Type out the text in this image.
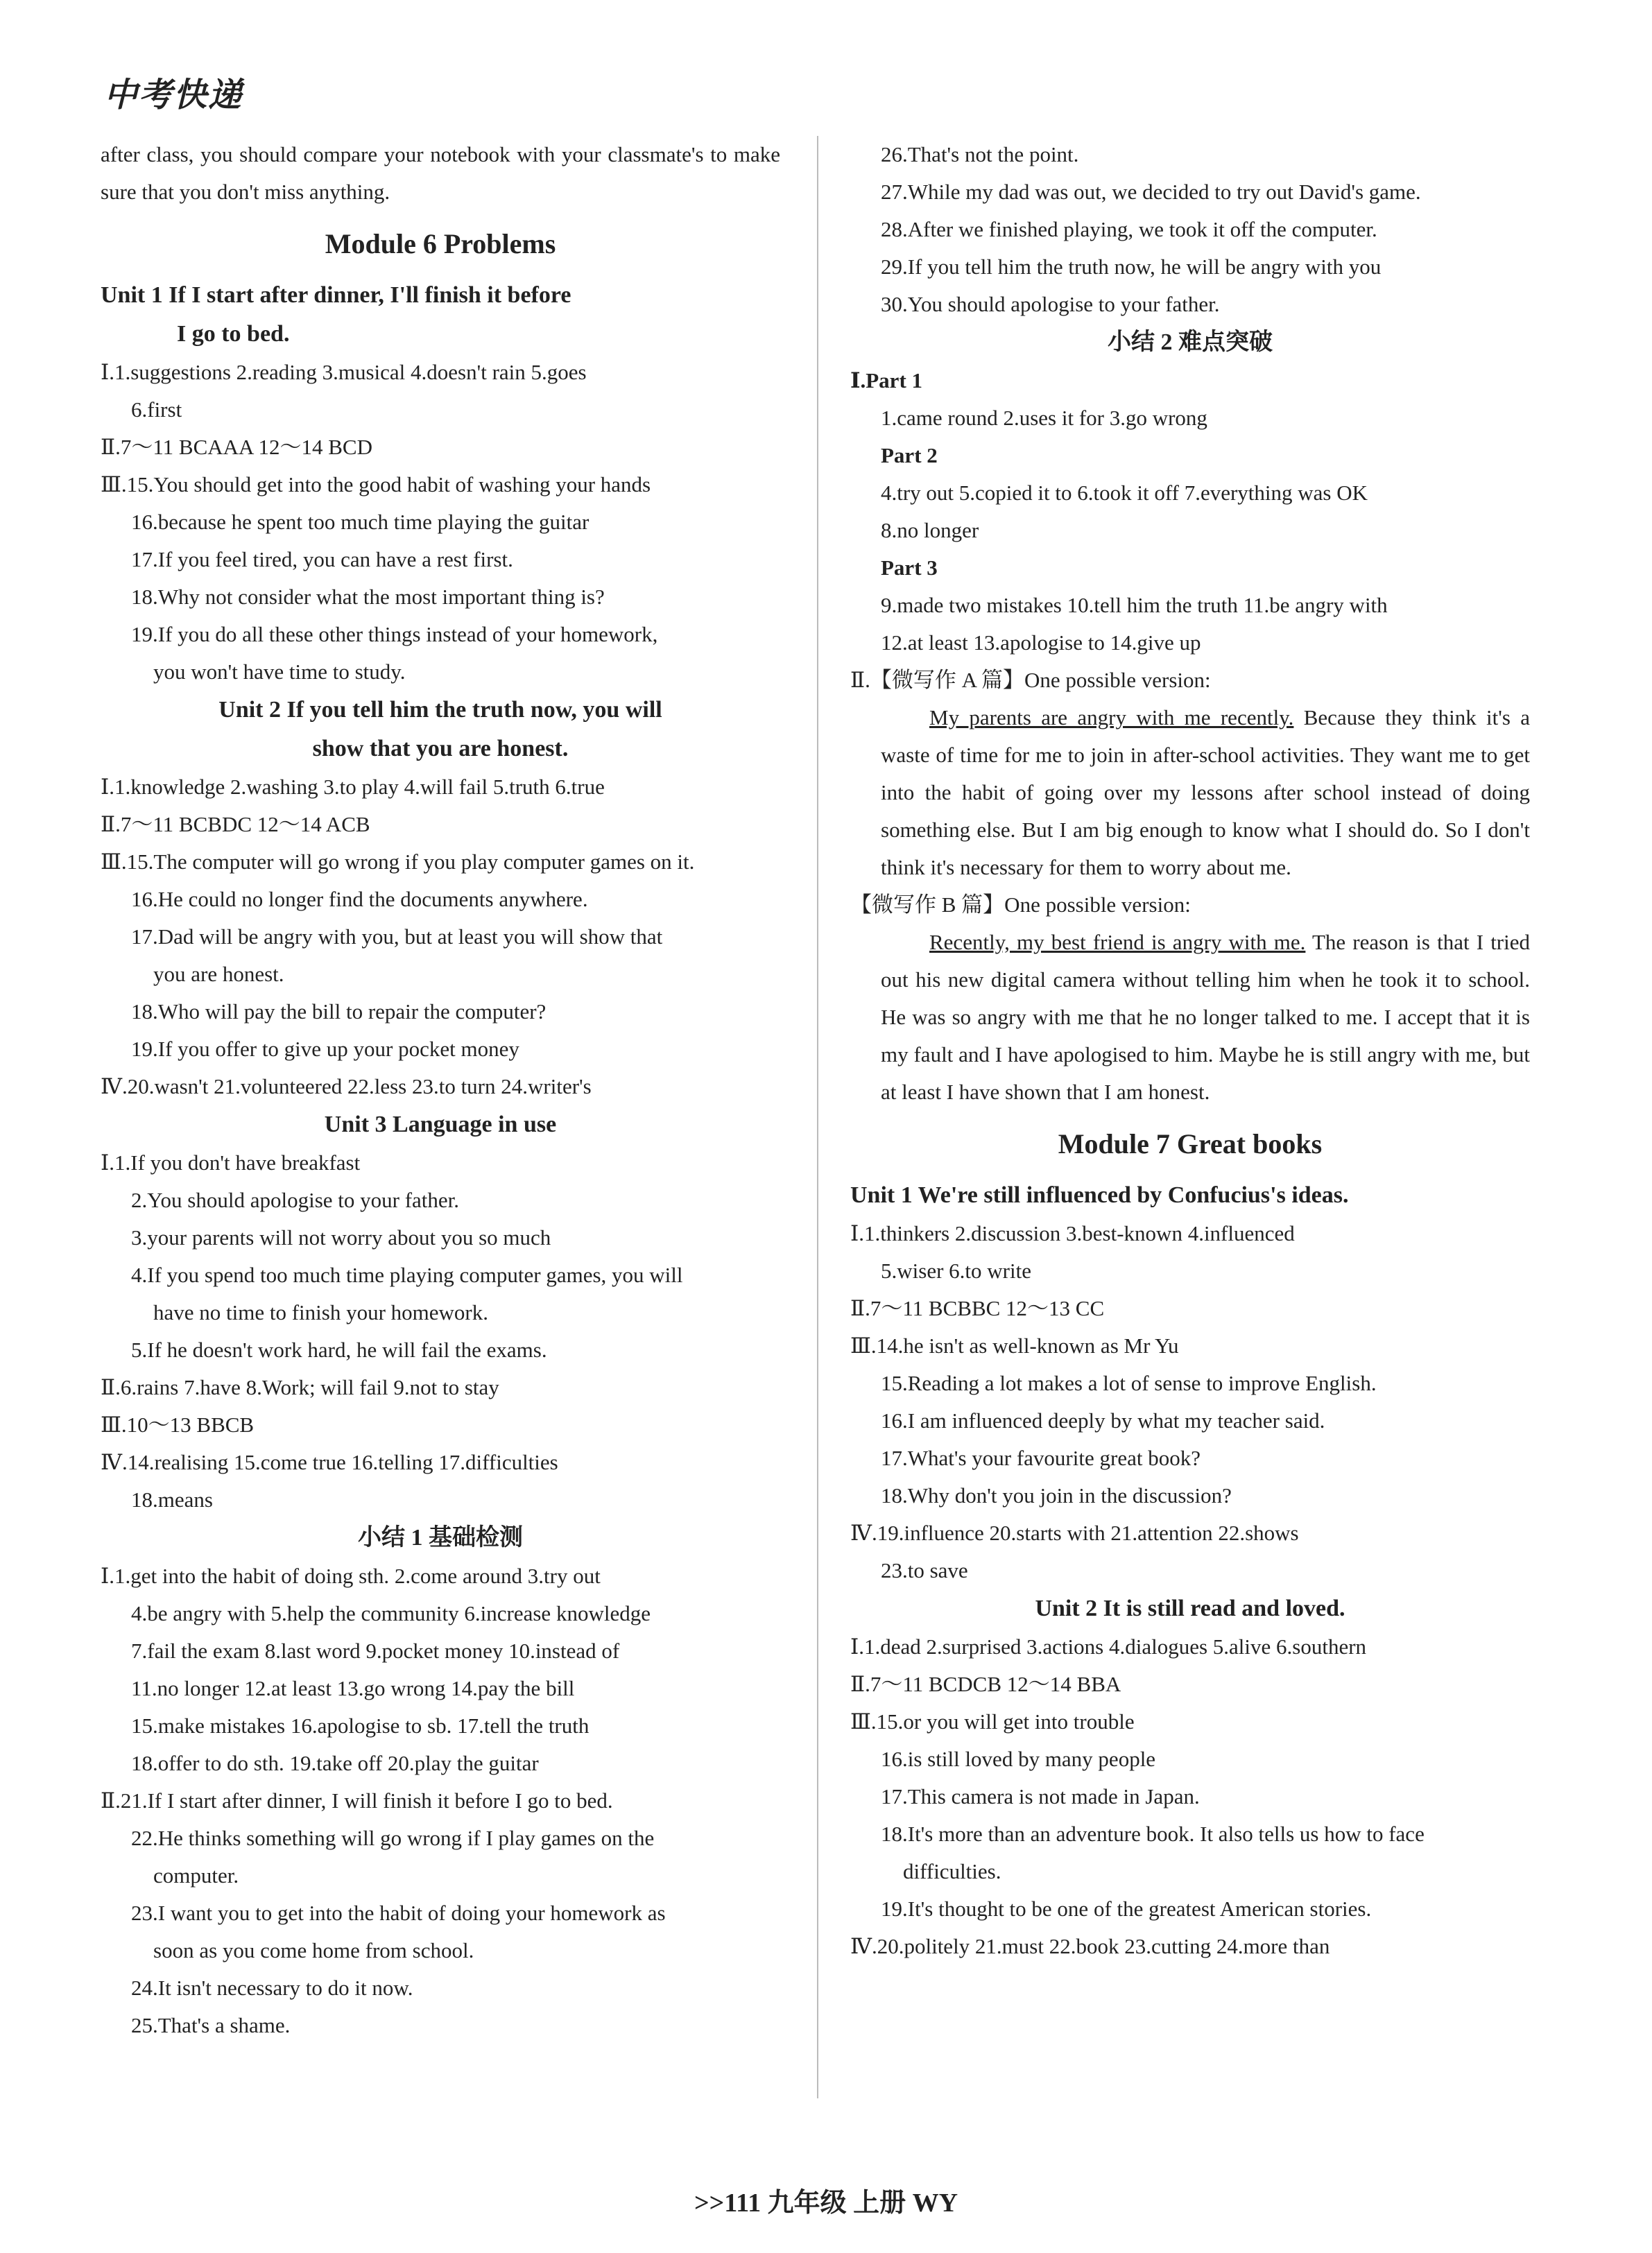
中考快递
after class, you should compare your notebook with your classmate's to make sure that you don't miss anything.
Module 6 Problems
Unit 1 If I start after dinner, I'll finish it before
I go to bed.
Ⅰ.1.suggestions 2.reading 3.musical 4.doesn't rain 5.goes
6.first
Ⅱ.7～11 BCAAA 12～14 BCD
Ⅲ.15.You should get into the good habit of washing your hands
16.because he spent too much time playing the guitar
17.If you feel tired, you can have a rest first.
18.Why not consider what the most important thing is?
19.If you do all these other things instead of your homework,
you won't have time to study.
Unit 2 If you tell him the truth now, you will
show that you are honest.
Ⅰ.1.knowledge 2.washing 3.to play 4.will fail 5.truth 6.true
Ⅱ.7～11 BCBDC 12～14 ACB
Ⅲ.15.The computer will go wrong if you play computer games on it.
16.He could no longer find the documents anywhere.
17.Dad will be angry with you, but at least you will show that
you are honest.
18.Who will pay the bill to repair the computer?
19.If you offer to give up your pocket money
Ⅳ.20.wasn't 21.volunteered 22.less 23.to turn 24.writer's
Unit 3 Language in use
Ⅰ.1.If you don't have breakfast
2.You should apologise to your father.
3.your parents will not worry about you so much
4.If you spend too much time playing computer games, you will
have no time to finish your homework.
5.If he doesn't work hard, he will fail the exams.
Ⅱ.6.rains 7.have 8.Work; will fail 9.not to stay
Ⅲ.10～13 BBCB
Ⅳ.14.realising 15.come true 16.telling 17.difficulties
18.means
小结 1 基础检测
Ⅰ.1.get into the habit of doing sth. 2.come around 3.try out
4.be angry with 5.help the community 6.increase knowledge
7.fail the exam 8.last word 9.pocket money 10.instead of
11.no longer 12.at least 13.go wrong 14.pay the bill
15.make mistakes 16.apologise to sb. 17.tell the truth
18.offer to do sth. 19.take off 20.play the guitar
Ⅱ.21.If I start after dinner, I will finish it before I go to bed.
22.He thinks something will go wrong if I play games on the
computer.
23.I want you to get into the habit of doing your homework as
soon as you come home from school.
24.It isn't necessary to do it now.
25.That's a shame.
26.That's not the point.
27.While my dad was out, we decided to try out David's game.
28.After we finished playing, we took it off the computer.
29.If you tell him the truth now, he will be angry with you
30.You should apologise to your father.
小结 2 难点突破
Ⅰ.Part 1
1.came round 2.uses it for 3.go wrong
Part 2
4.try out 5.copied it to 6.took it off 7.everything was OK
8.no longer
Part 3
9.made two mistakes 10.tell him the truth 11.be angry with
12.at least 13.apologise to 14.give up
Ⅱ.【微写作 A 篇】One possible version:
My parents are angry with me recently. Because they think it's a waste of time for me to join in after-school activities. They want me to get into the habit of going over my lessons after school instead of doing something else. But I am big enough to know what I should do. So I don't think it's necessary for them to worry about me.
【微写作 B 篇】One possible version:
Recently, my best friend is angry with me. The reason is that I tried out his new digital camera without telling him when he took it to school. He was so angry with me that he no longer talked to me. I accept that it is my fault and I have apologised to him. Maybe he is still angry with me, but at least I have shown that I am honest.
Module 7 Great books
Unit 1 We're still influenced by Confucius's ideas.
Ⅰ.1.thinkers 2.discussion 3.best-known 4.influenced
5.wiser 6.to write
Ⅱ.7～11 BCBBC 12～13 CC
Ⅲ.14.he isn't as well-known as Mr Yu
15.Reading a lot makes a lot of sense to improve English.
16.I am influenced deeply by what my teacher said.
17.What's your favourite great book?
18.Why don't you join in the discussion?
Ⅳ.19.influence 20.starts with 21.attention 22.shows
23.to save
Unit 2 It is still read and loved.
Ⅰ.1.dead 2.surprised 3.actions 4.dialogues 5.alive 6.southern
Ⅱ.7～11 BCDCB 12～14 BBA
Ⅲ.15.or you will get into trouble
16.is still loved by many people
17.This camera is not made in Japan.
18.It's more than an adventure book. It also tells us how to face
difficulties.
19.It's thought to be one of the greatest American stories.
Ⅳ.20.politely 21.must 22.book 23.cutting 24.more than
>>111 九年级 上册 WY
